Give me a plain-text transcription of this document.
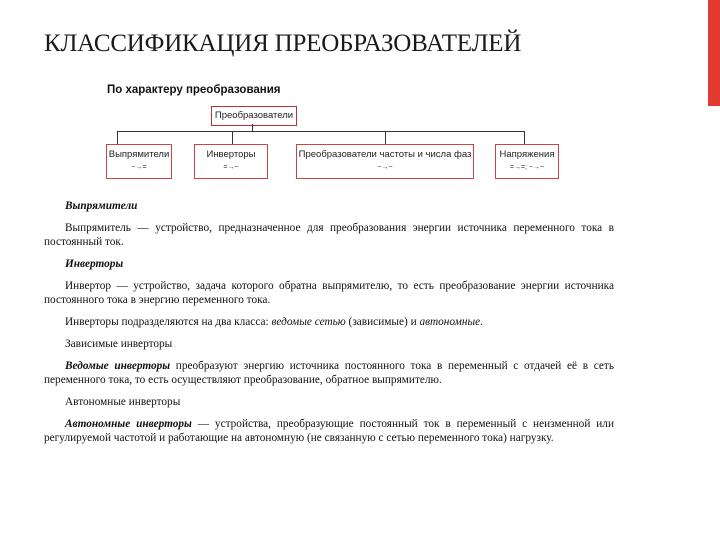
КЛАССИФИКАЦИЯ ПРЕОБРАЗОВАТЕЛЕЙ
По характеру преобразования
Преобразователи
Выпрямители
~→=
Инверторы
=→~
Преобразователи частоты и числа фаз
~→~
Напряжения
=→=; ~→~

Выпрямители

Выпрямитель — устройство, предназначенное для преобразования энергии источника переменного тока в постоянный ток.

Инверторы

Инвертор — устройство, задача которого обратна выпрямителю, то есть преобразование энергии источника постоянного тока в энергию переменного тока.

Инверторы подразделяются на два класса: ведомые сетью (зависимые) и автономные.

Зависимые инверторы

Ведомые инверторы преобразуют энергию источника постоянного тока в переменный с отдачей её в сеть переменного тока, то есть осуществляют преобразование, обратное выпрямителю.

Автономные инверторы

Автономные инверторы — устройства, преобразующие постоянный ток в переменный с неизменной или регулируемой частотой и работающие на автономную (не связанную с сетью переменного тока) нагрузку.
